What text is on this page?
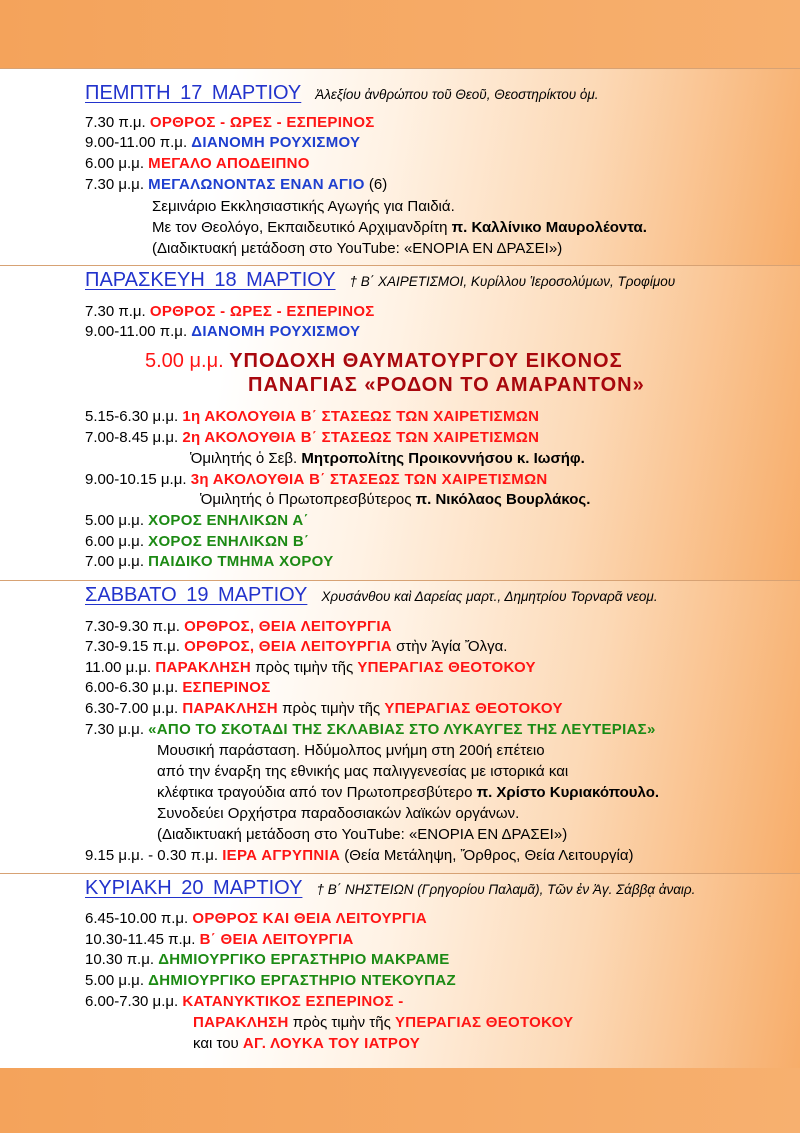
ΠΕΜΠΤΗ 17 ΜΑΡΤΙΟΥ Ἀλεξίου ἀνθρώπου τοῦ Θεοῦ, Θεοστηρίκτου ὁμ.
7.30 π.μ. ΟΡΘΡΟΣ - ΩΡΕΣ - ΕΣΠΕΡΙΝΟΣ
9.00-11.00 π.μ. ΔΙΑΝΟΜΗ ΡΟΥΧΙΣΜΟΥ
6.00 μ.μ. ΜΕΓΑΛΟ ΑΠΟΔΕΙΠΝΟ
7.30 μ.μ. ΜΕΓΑΛΩΝΟΝΤΑΣ ΕΝΑΝ ΑΓΙΟ (6)
Σεμινάριο Εκκλησιαστικής Αγωγής για Παιδιά.
Με τον Θεολόγο, Εκπαιδευτικό Αρχιμανδρίτη π. Καλλίνικο Μαυρολέοντα.
(Διαδικτυακή μετάδοση στο YouTube: «ΕΝΟΡΙΑ ΕΝ ΔΡΑΣΕΙ»)
ΠΑΡΑΣΚΕΥΗ 18 ΜΑΡΤΙΟΥ † Β΄ ΧΑΙΡΕΤΙΣΜΟΙ, Κυρίλλου Ἱεροσολύμων, Τροφίμου
7.30 π.μ. ΟΡΘΡΟΣ - ΩΡΕΣ - ΕΣΠΕΡΙΝΟΣ
9.00-11.00 π.μ. ΔΙΑΝΟΜΗ ΡΟΥΧΙΣΜΟΥ
5.00 μ.μ. ΥΠΟΔΟΧΗ ΘΑΥΜΑΤΟΥΡΓΟΥ ΕΙΚΟΝΟΣ
ΠΑΝΑΓΙΑΣ «ΡΟΔΟΝ ΤΟ ΑΜΑΡΑΝΤΟΝ»
5.15-6.30 μ.μ. 1η ΑΚΟΛΟΥΘΙΑ Β΄ ΣΤΑΣΕΩΣ ΤΩΝ ΧΑΙΡΕΤΙΣΜΩΝ
7.00-8.45 μ.μ. 2η ΑΚΟΛΟΥΘΙΑ Β΄ ΣΤΑΣΕΩΣ ΤΩΝ ΧΑΙΡΕΤΙΣΜΩΝ
Ὁμιλητής ὁ Σεβ. Μητροπολίτης Προικοννήσου κ. Ιωσήφ.
9.00-10.15 μ.μ. 3η ΑΚΟΛΟΥΘΙΑ Β΄ ΣΤΑΣΕΩΣ ΤΩΝ ΧΑΙΡΕΤΙΣΜΩΝ
Ὁμιλητής ὁ Πρωτοπρεσβύτερος π. Νικόλαος Βουρλάκος.
5.00 μ.μ. ΧΟΡΟΣ ΕΝΗΛΙΚΩΝ Α΄
6.00 μ.μ. ΧΟΡΟΣ ΕΝΗΛΙΚΩΝ Β΄
7.00 μ.μ. ΠΑΙΔΙΚΟ ΤΜΗΜΑ ΧΟΡΟΥ
ΣΑΒΒΑΤΟ 19 ΜΑΡΤΙΟΥ Χρυσάνθου καὶ Δαρείας μαρτ., Δημητρίου Τορναρᾶ νεομ.
7.30-9.30 π.μ. ΟΡΘΡΟΣ, ΘΕΙΑ ΛΕΙΤΟΥΡΓΙΑ
7.30-9.15 π.μ. ΟΡΘΡΟΣ, ΘΕΙΑ ΛΕΙΤΟΥΡΓΙΑ στὴν Ἁγία Ὄλγα.
11.00 μ.μ. ΠΑΡΑΚΛΗΣΗ πρὸς τιμὴν τῆς ΥΠΕΡΑΓΙΑΣ ΘΕΟΤΟΚΟΥ
6.00-6.30 μ.μ. ΕΣΠΕΡΙΝΟΣ
6.30-7.00 μ.μ. ΠΑΡΑΚΛΗΣΗ πρὸς τιμὴν τῆς ΥΠΕΡΑΓΙΑΣ ΘΕΟΤΟΚΟΥ
7.30 μ.μ. «ΑΠΟ ΤΟ ΣΚΟΤΑΔΙ ΤΗΣ ΣΚΛΑΒΙΑΣ ΣΤΟ ΛΥΚΑΥΓΕΣ ΤΗΣ ΛΕΥΤΕΡΙΑΣ»
Μουσική παράσταση. Ηδύμολπος μνήμη στη 200ή επέτειο
από την έναρξη της εθνικής μας παλιγγενεσίας με ιστορικά και
κλέφτικα τραγούδια από τον Πρωτοπρεσβύτερο π. Χρίστο Κυριακόπουλο.
Συνοδεύει Ορχήστρα παραδοσιακών λαϊκών οργάνων.
(Διαδικτυακή μετάδοση στο YouTube: «ΕΝΟΡΙΑ ΕΝ ΔΡΑΣΕΙ»)
9.15 μ.μ. - 0.30 π.μ. ΙΕΡΑ ΑΓΡΥΠΝΙΑ (Θεία Μετάληψη, Ὄρθρος, Θεία Λειτουργία)
ΚΥΡΙΑΚΗ 20 ΜΑΡΤΙΟΥ † Β΄ ΝΗΣΤΕΙΩΝ (Γρηγορίου Παλαμᾶ), Τῶν ἐν Ἁγ. Σάββᾳ ἀναιρ.
6.45-10.00 π.μ. ΟΡΘΡΟΣ ΚΑΙ ΘΕΙΑ ΛΕΙΤΟΥΡΓΙΑ
10.30-11.45 π.μ. Β΄ ΘΕΙΑ ΛΕΙΤΟΥΡΓΙΑ
10.30 π.μ. ΔΗΜΙΟΥΡΓΙΚΟ ΕΡΓΑΣΤΗΡΙΟ ΜΑΚΡΑΜΕ
5.00 μ.μ. ΔΗΜΙΟΥΡΓΙΚΟ ΕΡΓΑΣΤΗΡΙΟ ΝΤΕΚΟΥΠΑΖ
6.00-7.30 μ.μ. ΚΑΤΑΝΥΚΤΙΚΟΣ ΕΣΠΕΡΙΝΟΣ -
ΠΑΡΑΚΛΗΣΗ πρὸς τιμὴν τῆς ΥΠΕΡΑΓΙΑΣ ΘΕΟΤΟΚΟΥ
και του ΑΓ. ΛΟΥΚΑ ΤΟΥ ΙΑΤΡΟΥ
